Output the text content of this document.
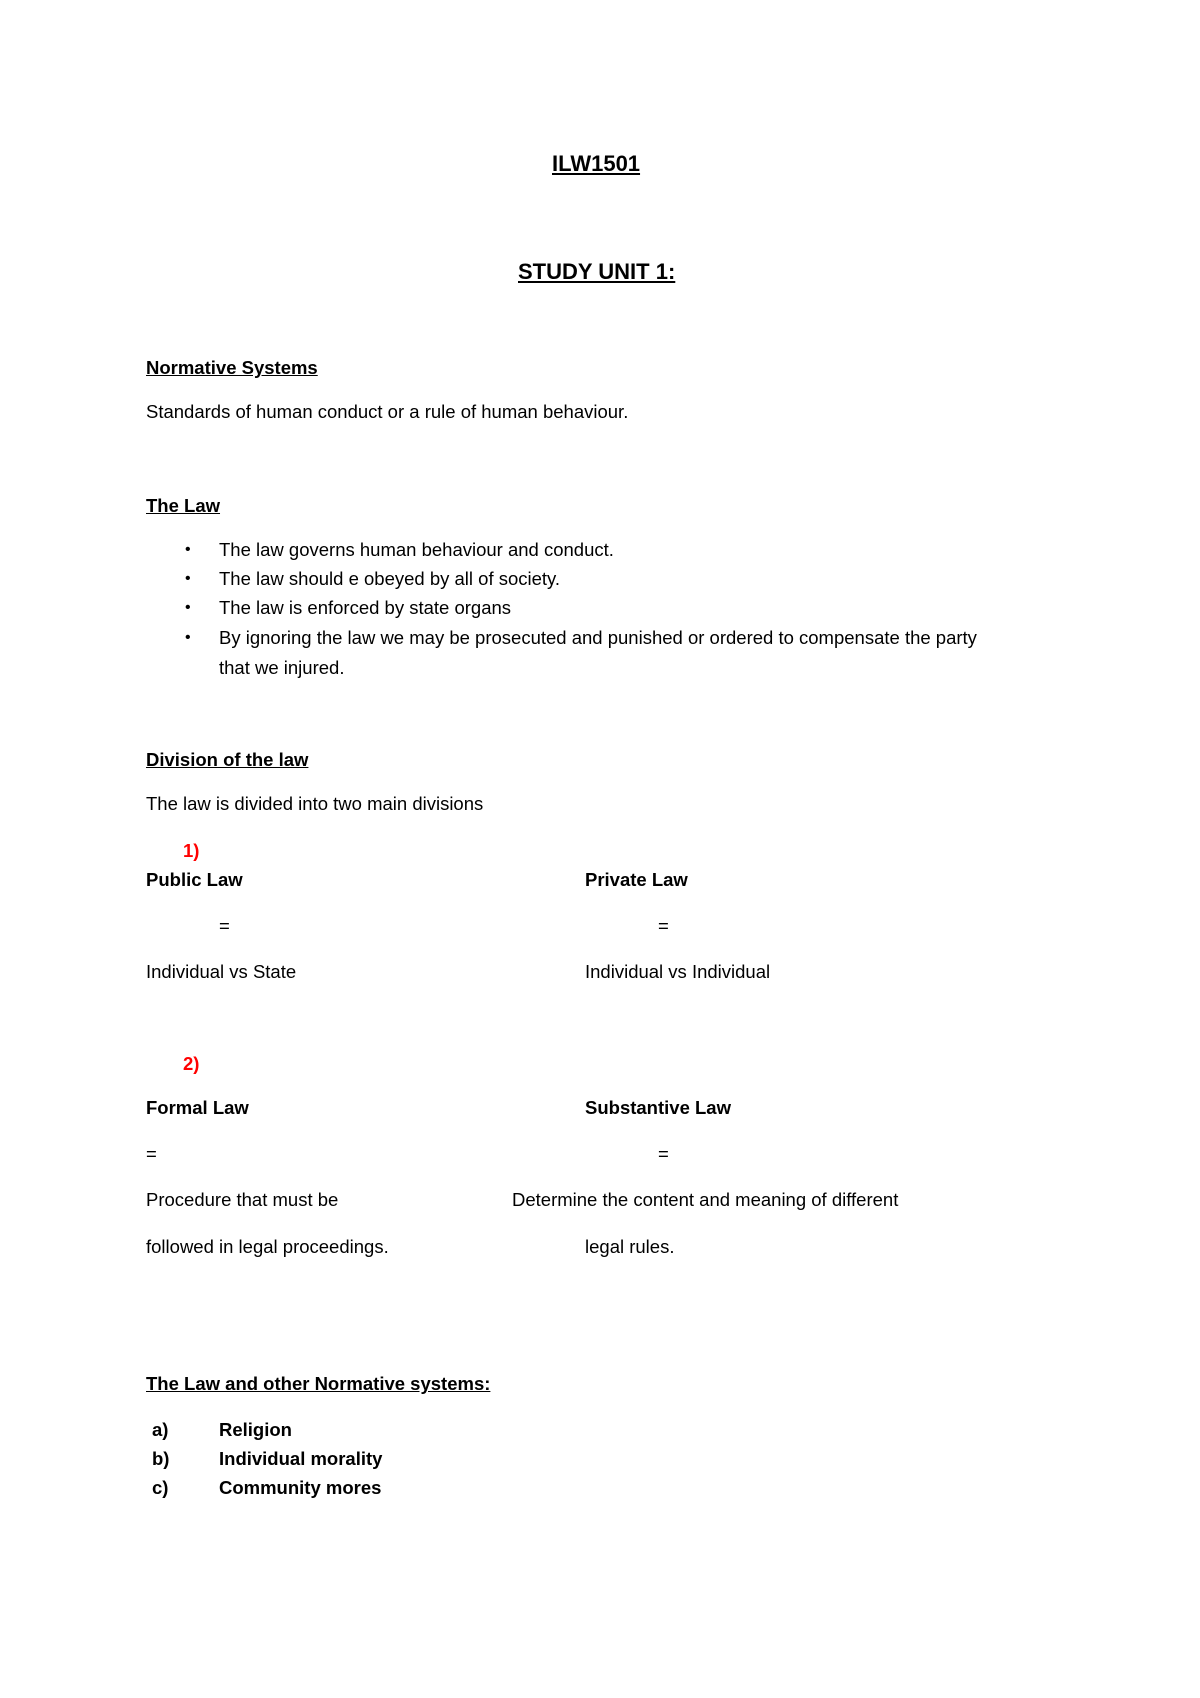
ILW1501
STUDY UNIT 1:
Normative Systems
Standards of human conduct or a rule of human behaviour.
The Law
• The law governs human behaviour and conduct.
• The law should e obeyed by all of society.
• The law is enforced by state organs
• By ignoring the law we may be prosecuted and punished or ordered to compensate the party
that we injured.
Division of the law
The law is divided into two main divisions
1)
Public Law	Private Law
=	=
Individual vs State	Individual vs Individual
2)
Formal Law	Substantive Law
=	=
Procedure that must be	Determine the content and meaning of different
followed in legal proceedings.	legal rules.
The Law and other Normative systems:
a)	Religion
b)	Individual morality
c)	Community mores
